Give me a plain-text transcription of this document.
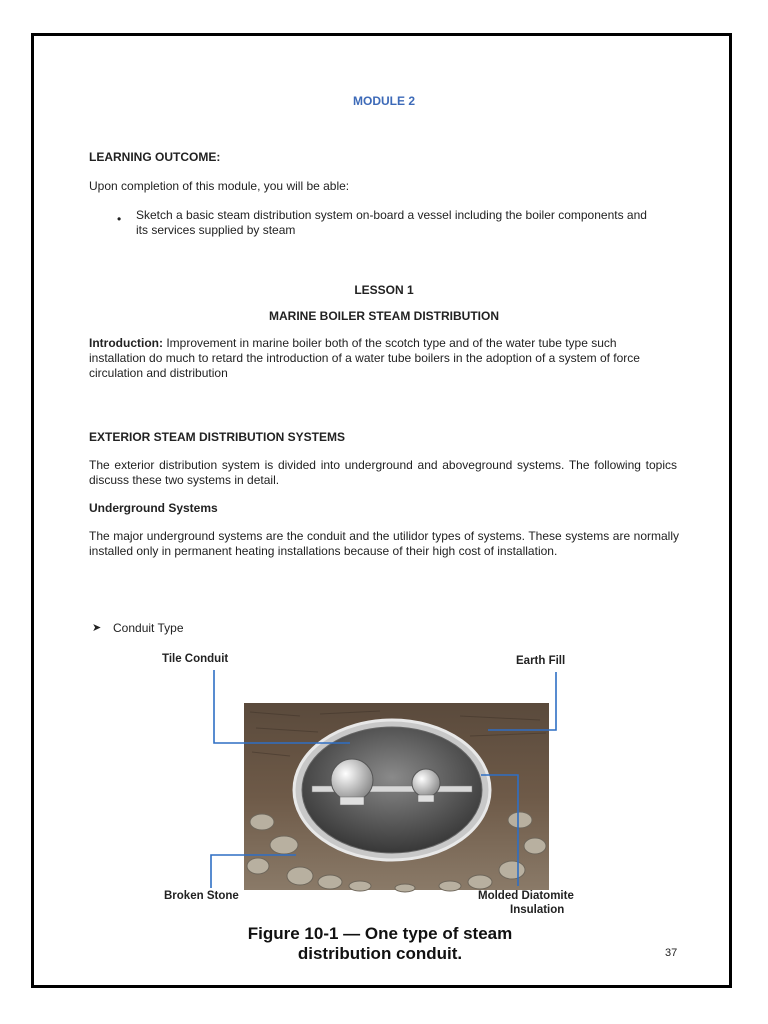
MODULE 2
LEARNING OUTCOME:
Upon completion of this module, you will be able:
• Sketch a basic steam distribution system on-board a vessel including the boiler components and its services supplied by steam
LESSON 1
MARINE BOILER STEAM DISTRIBUTION
Introduction: Improvement in marine boiler both of the scotch type and of the water tube type such installation do much to retard the introduction of a water tube boilers in the adoption of a system of force circulation and distribution
EXTERIOR STEAM DISTRIBUTION SYSTEMS
The exterior distribution system is divided into underground and aboveground systems. The following topics discuss these two systems in detail.
Underground Systems
The major underground systems are the conduit and the utilidor types of systems. These systems are normally installed only in permanent heating installations because of their high cost of installation.
➤ Conduit Type
Tile Conduit	Earth Fill
Broken Stone	Molded Diatomite
Insulation
Figure 10-1 — One type of steam
distribution conduit.	37
